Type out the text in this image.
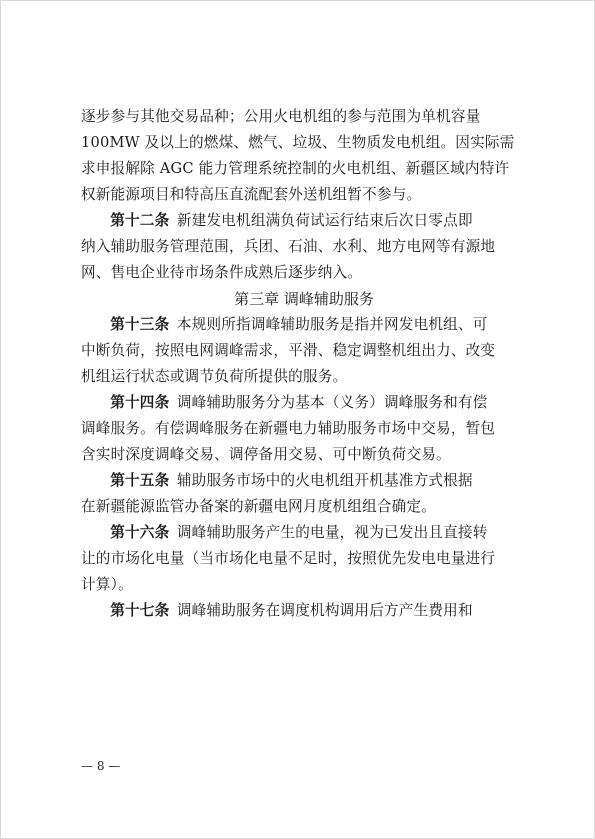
逐步参与其他交易品种；公用火电机组的参与范围为单机容量
100MW 及以上的燃煤、燃气、垃圾、生物质发电机组。因实际需
求申报解除 AGC 能力管理系统控制的火电机组、新疆区域内特许
权新能源项目和特高压直流配套外送机组暂不参与。
第十二条  新建发电机组满负荷试运行结束后次日零点即
纳入辅助服务管理范围，兵团、石油、水利、地方电网等有源地
网、售电企业待市场条件成熟后逐步纳入。
第三章 调峰辅助服务
第十三条  本规则所指调峰辅助服务是指并网发电机组、可
中断负荷，按照电网调峰需求，平滑、稳定调整机组出力、改变
机组运行状态或调节负荷所提供的服务。
第十四条  调峰辅助服务分为基本（义务）调峰服务和有偿
调峰服务。有偿调峰服务在新疆电力辅助服务市场中交易，暂包
含实时深度调峰交易、调停备用交易、可中断负荷交易。
第十五条  辅助服务市场中的火电机组开机基准方式根据
在新疆能源监管办备案的新疆电网月度机组组合确定。
第十六条  调峰辅助服务产生的电量，视为已发出且直接转
让的市场化电量（当市场化电量不足时，按照优先发电电量进行
计算）。
第十七条  调峰辅助服务在调度机构调用后方产生费用和
— 8 —
